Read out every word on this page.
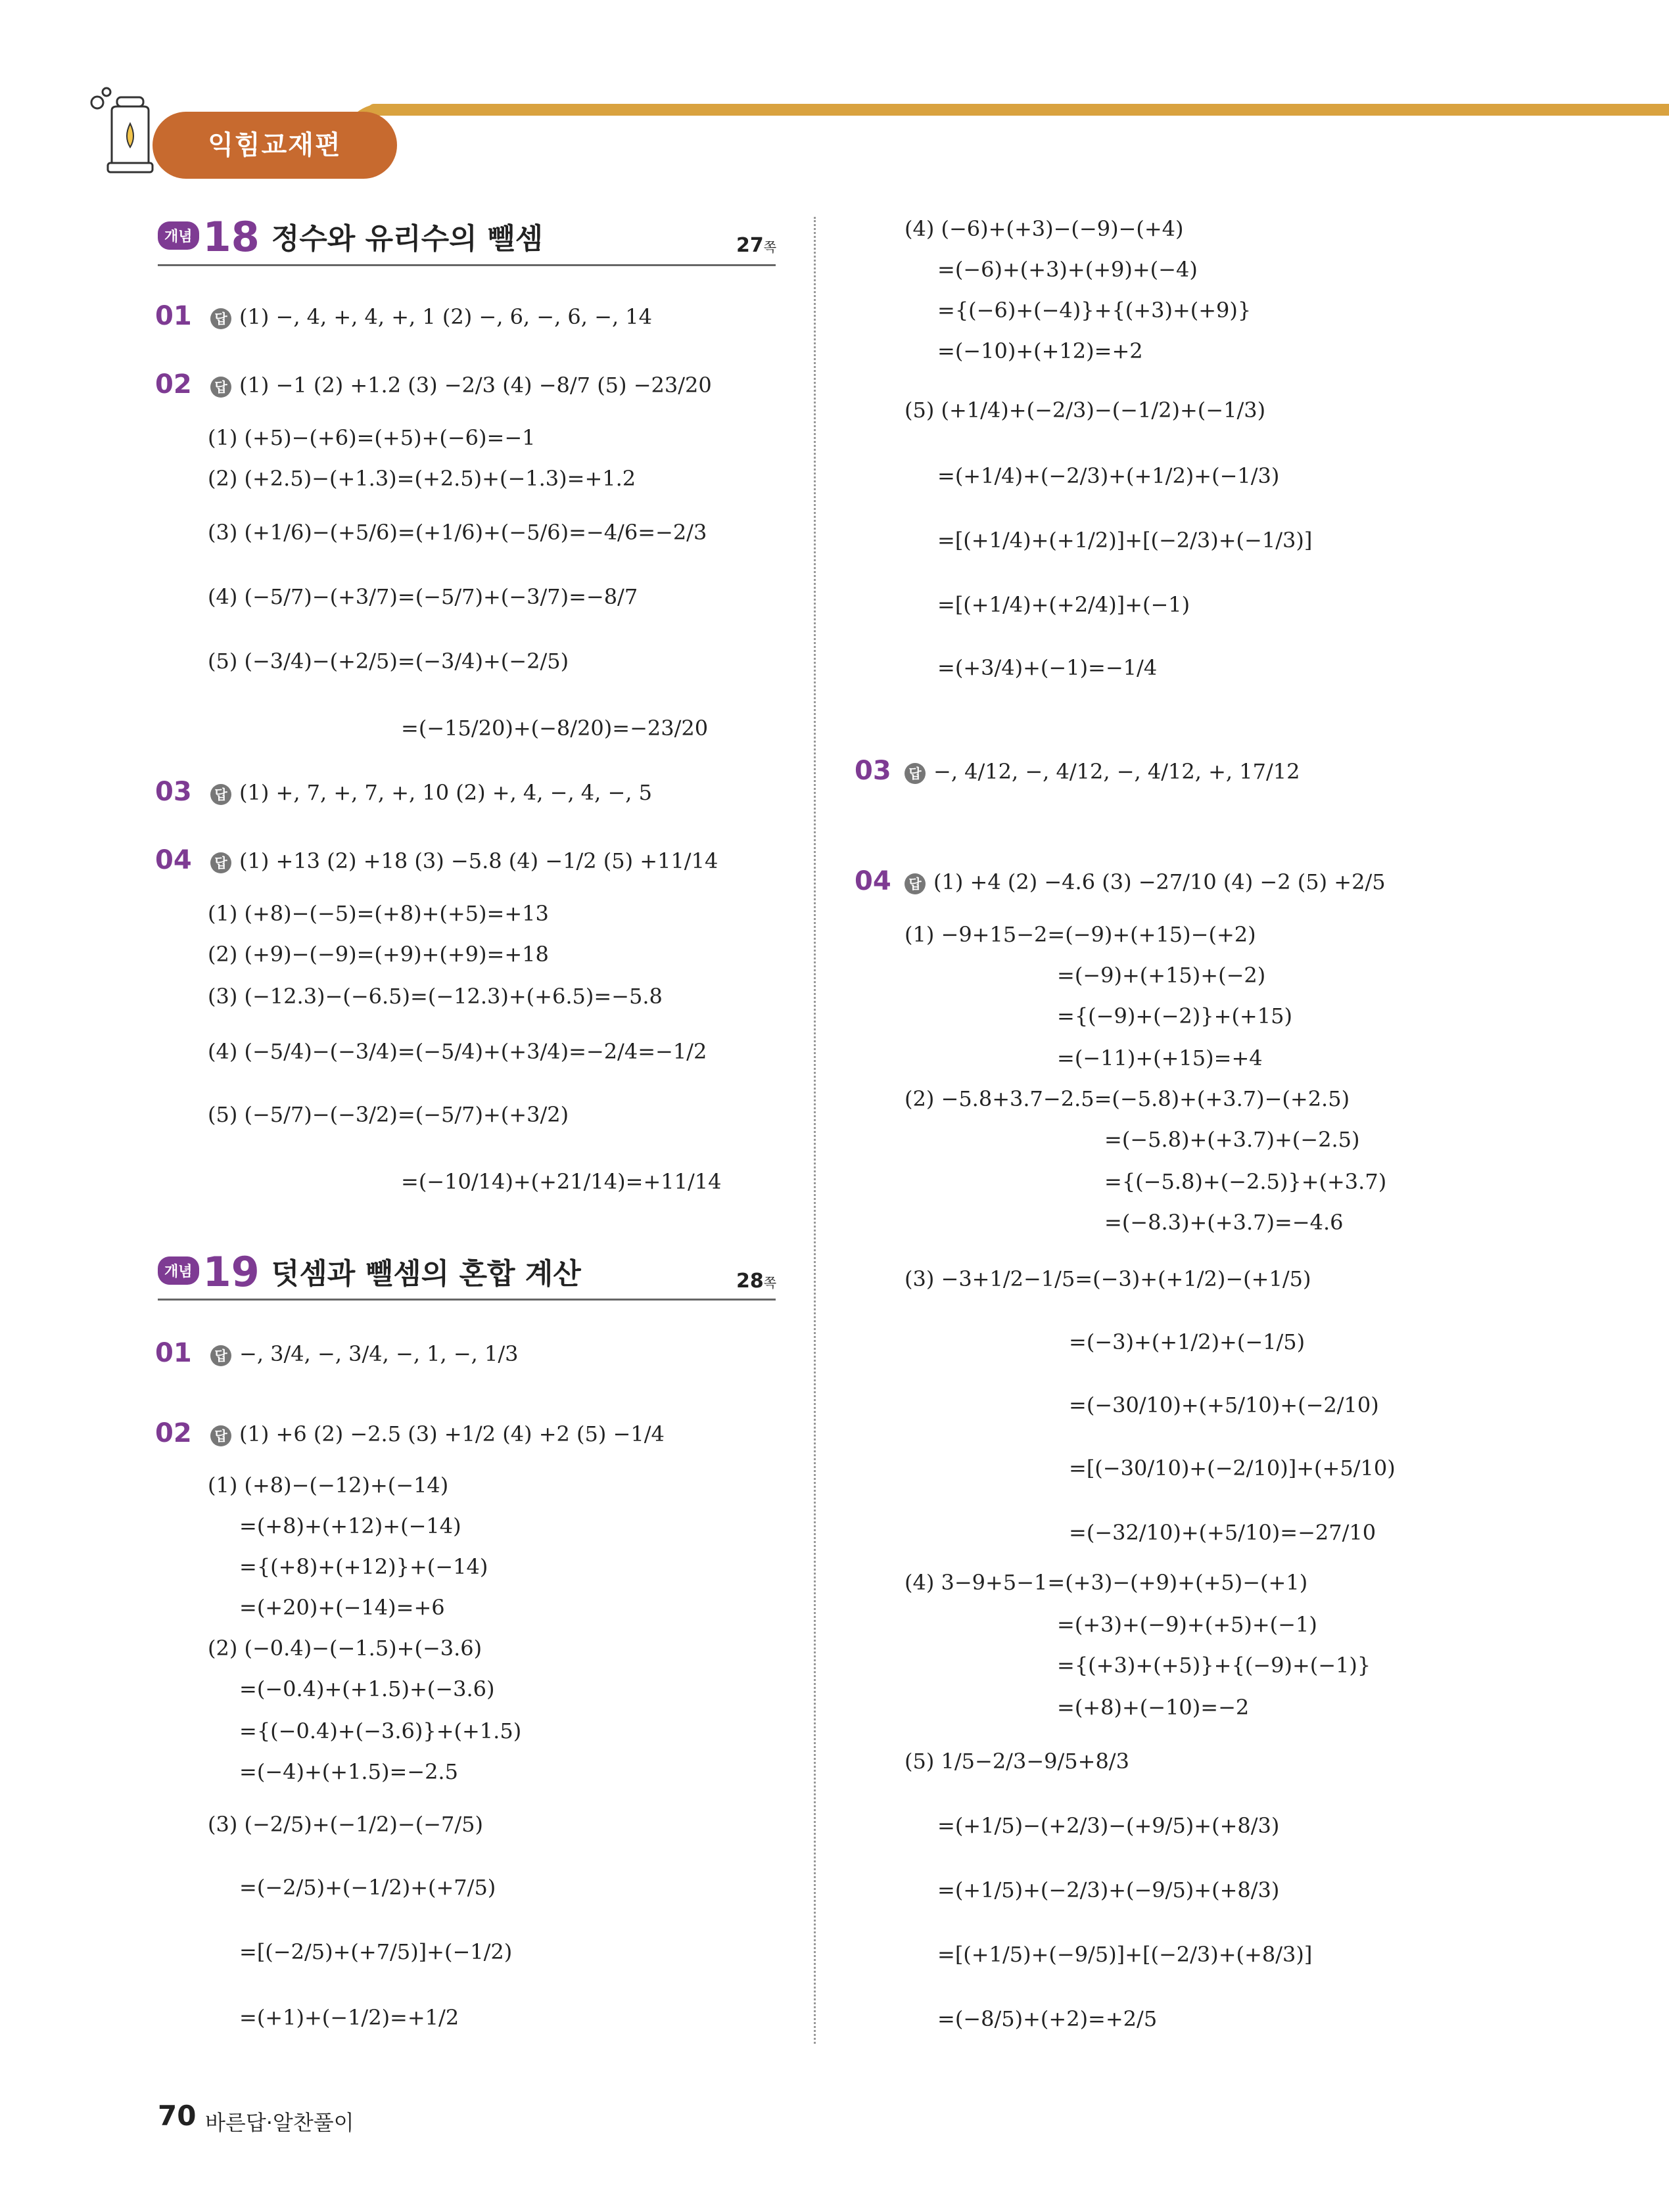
익힘교재편
개념 18 정수와 유리수의 뺄셈	27쪽
01	답 (1) −, 4, +, 4, +, 1 (2) −, 6, −, 6, −, 14
02	답 (1) −1 (2) +1.2 (3) −2/3 (4) −8/7 (5) −23/20
(1) (+5)−(+6)=(+5)+(−6)=−1
(2) (+2.5)−(+1.3)=(+2.5)+(−1.3)=+1.2
(3) (+1/6)−(+5/6)=(+1/6)+(−5/6)=−4/6=−2/3
(4) (−5/7)−(+3/7)=(−5/7)+(−3/7)=−8/7
(5) (−3/4)−(+2/5)=(−3/4)+(−2/5)
=(−15/20)+(−8/20)=−23/20
03	답 (1) +, 7, +, 7, +, 10 (2) +, 4, −, 4, −, 5
04	답 (1) +13 (2) +18 (3) −5.8 (4) −1/2 (5) +11/14
(1) (+8)−(−5)=(+8)+(+5)=+13
(2) (+9)−(−9)=(+9)+(+9)=+18
(3) (−12.3)−(−6.5)=(−12.3)+(+6.5)=−5.8
(4) (−5/4)−(−3/4)=(−5/4)+(+3/4)=−2/4=−1/2
(5) (−5/7)−(−3/2)=(−5/7)+(+3/2)
=(−10/14)+(+21/14)=+11/14
개념 19 덧셈과 뺄셈의 혼합 계산	28쪽
01	답 −, 3/4, −, 3/4, −, 1, −, 1/3
02	답 (1) +6 (2) −2.5 (3) +1/2 (4) +2 (5) −1/4
(1) (+8)−(−12)+(−14)
=(+8)+(+12)+(−14)
={(+8)+(+12)}+(−14)
=(+20)+(−14)=+6
(2) (−0.4)−(−1.5)+(−3.6)
=(−0.4)+(+1.5)+(−3.6)
={(−0.4)+(−3.6)}+(+1.5)
=(−4)+(+1.5)=−2.5
(3) (−2/5)+(−1/2)−(−7/5)
=(−2/5)+(−1/2)+(+7/5)
=[(−2/5)+(+7/5)]+(−1/2)
=(+1)+(−1/2)=+1/2
(4) (−6)+(+3)−(−9)−(+4)
=(−6)+(+3)+(+9)+(−4)
={(−6)+(−4)}+{(+3)+(+9)}
=(−10)+(+12)=+2
(5) (+1/4)+(−2/3)−(−1/2)+(−1/3)
=(+1/4)+(−2/3)+(+1/2)+(−1/3)
=[(+1/4)+(+1/2)]+[(−2/3)+(−1/3)]
=[(+1/4)+(+2/4)]+(−1)
=(+3/4)+(−1)=−1/4
03	답 −, 4/12, −, 4/12, −, 4/12, +, 17/12
04	답 (1) +4 (2) −4.6 (3) −27/10 (4) −2 (5) +2/5
(1) −9+15−2=(−9)+(+15)−(+2)
=(−9)+(+15)+(−2)
={(−9)+(−2)}+(+15)
=(−11)+(+15)=+4
(2) −5.8+3.7−2.5=(−5.8)+(+3.7)−(+2.5)
=(−5.8)+(+3.7)+(−2.5)
={(−5.8)+(−2.5)}+(+3.7)
=(−8.3)+(+3.7)=−4.6
(3) −3+1/2−1/5=(−3)+(+1/2)−(+1/5)
=(−3)+(+1/2)+(−1/5)
=(−30/10)+(+5/10)+(−2/10)
=[(−30/10)+(−2/10)]+(+5/10)
=(−32/10)+(+5/10)=−27/10
(4) 3−9+5−1=(+3)−(+9)+(+5)−(+1)
=(+3)+(−9)+(+5)+(−1)
={(+3)+(+5)}+{(−9)+(−1)}
=(+8)+(−10)=−2
(5) 1/5−2/3−9/5+8/3
=(+1/5)−(+2/3)−(+9/5)+(+8/3)
=(+1/5)+(−2/3)+(−9/5)+(+8/3)
=[(+1/5)+(−9/5)]+[(−2/3)+(+8/3)]
=(−8/5)+(+2)=+2/5
70 바른답·알찬풀이
